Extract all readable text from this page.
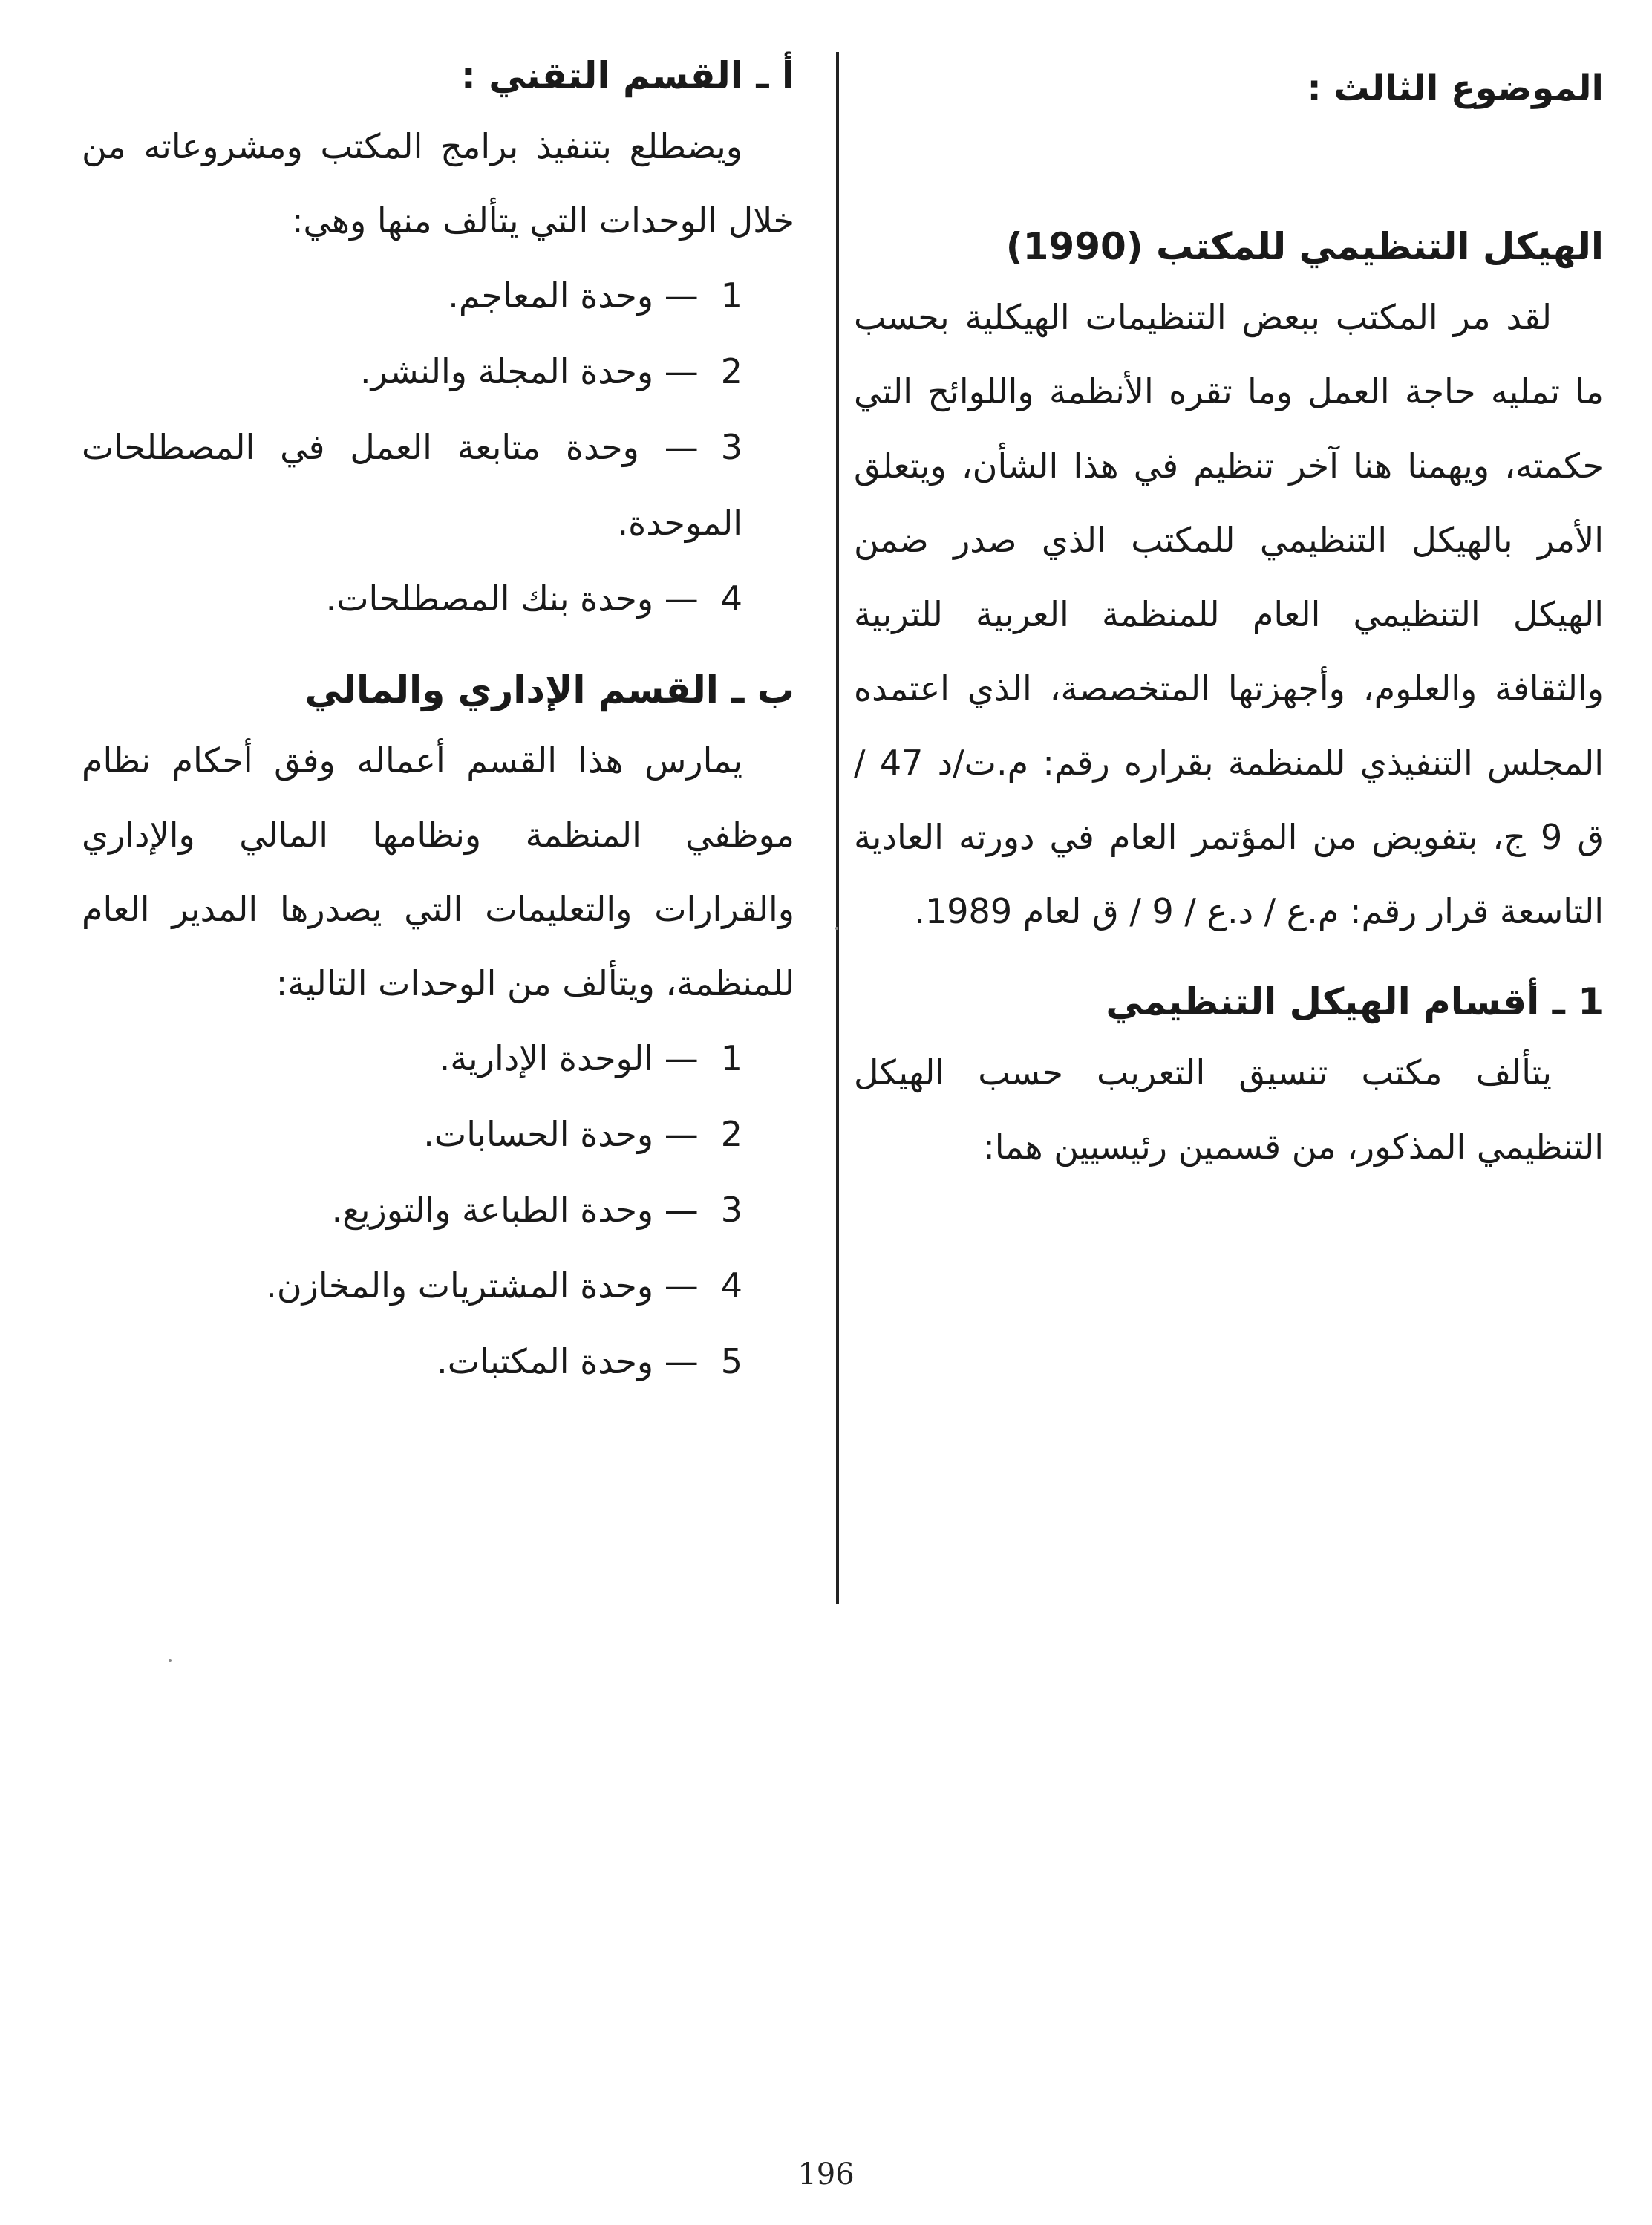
الموضوع الثالث :
الهيكل التنظيمي للمكتب (1990)

لقد مر المكتب ببعض التنظيمات الهيكلية بحسب ما تمليه حاجة العمل وما تقره الأنظمة واللوائح التي حكمته، ويهمنا هنا آخر تنظيم في هذا الشأن، ويتعلق الأمر بالهيكل التنظيمي للمكتب الذي صدر ضمن الهيكل التنظيمي العام للمنظمة العربية للتربية والثقافة والعلوم، وأجهزتها المتخصصة، الذي اعتمده المجلس التنفيذي للمنظمة بقراره رقم: م.ت/د 47 / ق 9 ج، بتفويض من المؤتمر العام في دورته العادية التاسعة قرار رقم: م.ع / د.ع / 9 / ق لعام 1989.

1 ـ أقسام الهيكل التنظيمي

يتألف مكتب تنسيق التعريب حسب الهيكل التنظيمي المذكور، من قسمين رئيسيين هما:

أ ـ القسم التقني :

ويضطلع بتنفيذ برامج المكتب ومشروعاته من خلال الوحدات التي يتألف منها وهي:

1— وحدة المعاجم.
2— وحدة المجلة والنشر.
3— وحدة متابعة العمل في المصطلحات الموحدة.
4— وحدة بنك المصطلحات.
ب ـ القسم الإداري والمالي

يمارس هذا القسم أعماله وفق أحكام نظام موظفي المنظمة ونظامها المالي والإداري والقرارات والتعليمات التي يصدرها المدير العام للمنظمة، ويتألف من الوحدات التالية:

1— الوحدة الإدارية.
2— وحدة الحسابات.
3— وحدة الطباعة والتوزيع.
4— وحدة المشتريات والمخازن.
5— وحدة المكتبات.
196
